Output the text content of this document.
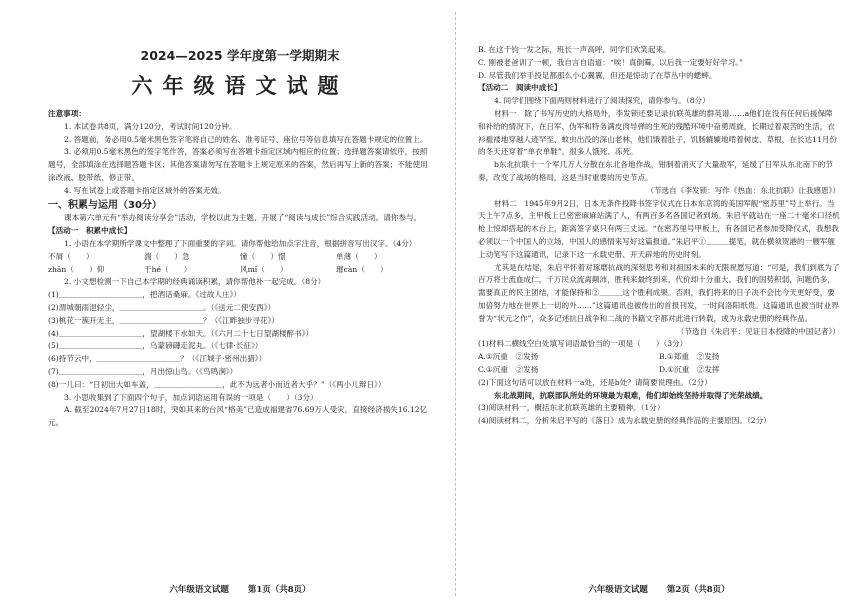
2024—2025 学年度第一学期期末
六年级语文试题

注意事项：

1. 本试卷共8页，满分120分，考试时间120分钟。

2. 答题前，务必用0.5毫米黑色签字笔将自己的姓名、准考证号、座位号等信息填写在答题卡规定的位置上。

3. 必须用0.5毫米黑色的签字笔作答，答案必须写在答题卡指定区域内相应的位置；选择题答案请依序，按照题号，全部填涂在选择题答题卡区；其他答案请勿写在答题卡上规定原来的答案，然后再写上新的答案；不能使用涂改液、胶带纸、修正带。

4. 写在试卷上或答题卡指定区域外的答案无效。

一、积累与运用（30分）

课本第六单元有“举办阅读分享会”活动，学校以此为主题，开展了“阅读与成长”综合实践活动。请你参与。

【活动一　积累中成长】

1. 小语在本学期所学课文中整理了下面重要的字词。请你帮他给加点字注音，根据拼音写出汉字。（4分）

不屑（　　）	湍（　　）急	憧（　　）憬	单薄（　　）
zhān（　　）仰	干hé（　　）	风mǐ（　　）	璀càn（　　）

2. 小文想检测一下自己本学期的经典诵读积累，请你帮他补一起完成。（8分）

(1)＿＿＿＿＿＿＿＿＿＿＿，把酒话桑麻。《过故人庄》）

(2)渭城朝雨浥轻尘，＿＿＿＿＿＿＿＿＿＿＿。（《送元二使安西》）

(3)桃花一簇开无主，＿＿＿＿＿＿＿＿＿＿＿？（《江畔独步寻花》）

(4)＿＿＿＿＿＿＿＿＿＿＿，望湖楼下水如天。（《六月二十七日望湖楼醉书》）

(5)＿＿＿＿＿＿＿＿＿＿＿，乌蒙磅礴走泥丸。（《七律·长征》）

(6)持节云中，＿＿＿＿＿＿＿＿＿＿＿？（《江城子·密州出猎》）

(7)＿＿＿＿＿＿＿＿＿＿＿，月出惊山鸟。（《鸟鸣涧》）

(8)一儿曰：“日初出大如车盖，＿＿＿＿＿＿＿＿＿，此不为远者小而近者大乎？”（《两小儿辩日》）

3. 小思收集到了下面四个句子，加点词语运用有误的一项是（　　）（3分）

A. 截至2024年7月27日18时，突如其来的台风“格美”已造成福建省76.69万人受灾，直接经济损失16.12亿元。

六年级语文试题 第1页（共8页）

B. 在这千钧一发之际，班长一声高呼，同学们欢笑起来。

C. 刚被老爸训了一顿，我自言自语道：“唉！真倒霉，以后我一定要好好学习。”

D. 尽管我们举手投足都那么小心翼翼，但还是惊动了在草丛中的蟋蟀。

【活动二　阅读中成长】

4. 同学们围绕下面两则材料进行了阅读探究，请你参与。（8分）

材料一　除了书写历史的大格局外，李发锁还要记录抗联英雄的群英谱……a他们在没有任何后援保障和补给的情况下，在日军、伪军和特务满皮肉导弹的生死的残酷环境中奋勇周旋，长期过着艰苦的生活，衣衫褴褛地穿越人迹罕至、蚊虫出没的深山老林，他们饿着肚子，饥肠辘辘地啃着树皮、草根，在长达11月份的冬天还穿着“单衣单鞋”，很多人饿死、冻死。

b东北抗联十一个军几万人分散在东北各地作战，钳制着消灭了大量敌军，延缓了日军从东北南下的节奏，改变了战场的格局，这是当时重要的历史节点。

（节选自《李发锁：写作《热血：东北抗联》让我感恩》）

材料二　1945年9月2日，日本无条件投降书签字仪式在日本东京湾的美国军舰“密苏里”号上举行。当天上午7点多，主甲板上已密密麻麻站满了人，有两百多名各国记者到场。朱启平就站在一座二十毫米口径机枪上惊却搭起的木台上，距离签字桌只有两三丈远。“在密苏里号甲板上，有各国记者参加受降仪式，我想我必须以一个中国人的立场，中国人的感情来写好这篇报道。”朱启平①＿＿＿提笔，就在横须贺港的一艘军舰上动笔写下这篇通讯，记录下这一永载史册、开天辟地的历史时刻。

尤其是在结尾，朱启平怀着对琢磨抗战的深刻思考和对祖国未来的无限祝愿写道：“可是，我们到底为了百万将士流血成仁，千万民众流离颠沛，胜利来最终到来，代价却十分重大。我们的国势积弱，问题仍多，需要真正的民主团结，才能保持和②＿＿＿这个胜利成果。否则，我们将来的日子决不会比今天更好受，要加倍努力地在世界上一切的外……”这篇通讯也被传出的首报刊发，一时间洛阳纸贵。这篇通讯也被当时业界誉为“状元之作”，众多记述抗日战争和二战的书籍文字都对此进行转载，成为永载史册的经典作品。

（节选自《朱启平：见证日本投降的中国记者》）

(1)材料二横线空白处填写词语最恰当的一项是（　　）（3分）

A.①沉重　②发扬	B.①郑重　②发扬
C.①沉重　②发扬	D.①沉重　②发挥

(2)下面这句话可以放在材料一a处，还是b处？请简要说理由。（2分）

东北战期间，抗联部队所处的环境最为艰难，他们却始终坚持并取得了光荣战绩。

(3)阅读材料一，概括东北抗联英雄的主要精神。（1分）

(4)阅读材料二，分析朱启平写的《落日》成为永载史册的经典作品的主要原因。（2分）

六年级语文试题 第2页（共8页）
